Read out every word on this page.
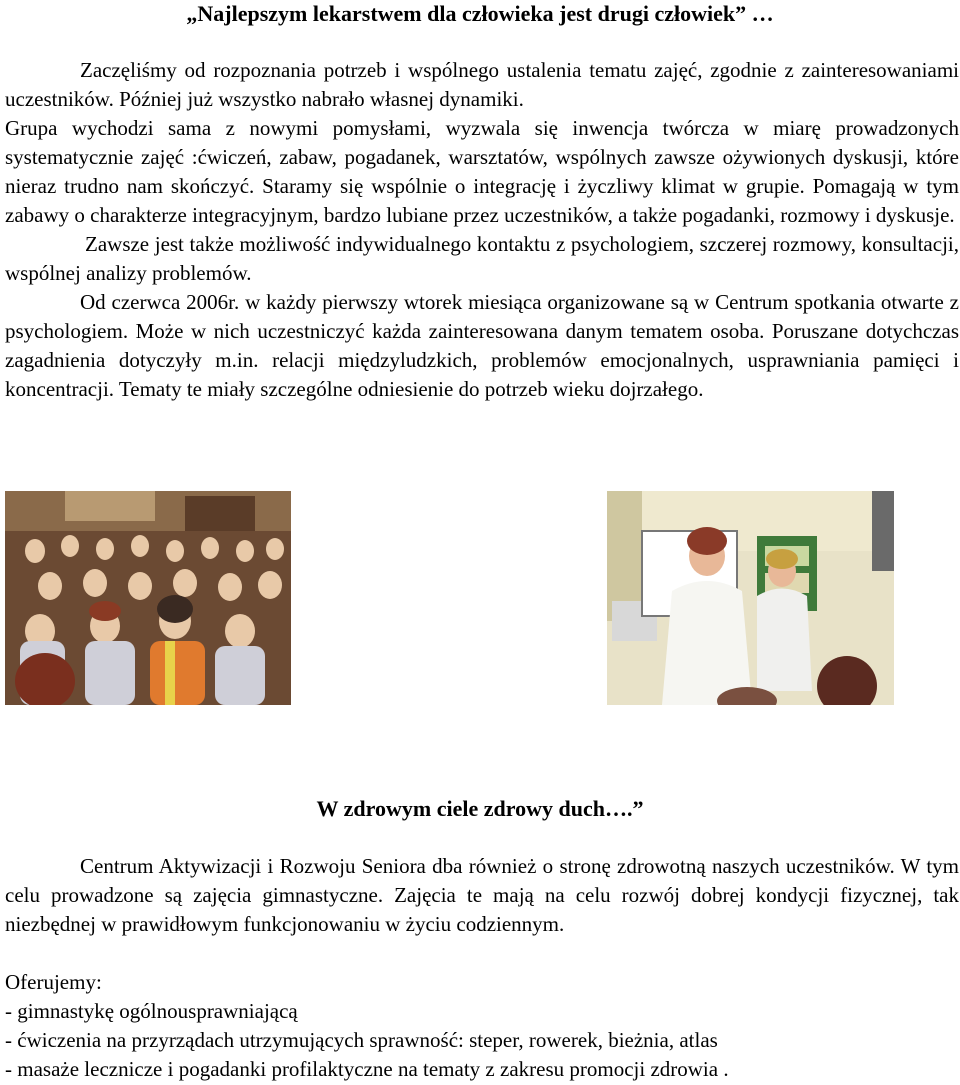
„Najlepszym lekarstwem dla człowieka jest drugi człowiek” …

Zaczęliśmy od rozpoznania potrzeb i wspólnego ustalenia tematu zajęć, zgodnie z zainteresowaniami uczestników. Później już wszystko nabrało własnej dynamiki.

Grupa wychodzi sama z nowymi pomysłami, wyzwala się inwencja twórcza w miarę prowadzonych systematycznie zajęć :ćwiczeń, zabaw, pogadanek, warsztatów, wspólnych zawsze ożywionych dyskusji, które nieraz trudno nam skończyć. Staramy się wspólnie o integrację i życzliwy klimat w grupie. Pomagają w tym zabawy o charakterze integracyjnym, bardzo lubiane przez uczestników, a także pogadanki, rozmowy i dyskusje.

Zawsze jest także możliwość indywidualnego kontaktu z psychologiem, szczerej rozmowy, konsultacji, wspólnej analizy problemów.

Od czerwca 2006r. w każdy pierwszy wtorek miesiąca organizowane są w Centrum spotkania otwarte z psychologiem. Może w nich uczestniczyć każda zainteresowana danym tematem osoba. Poruszane dotychczas zagadnienia dotyczyły m.in. relacji międzyludzkich, problemów emocjonalnych, usprawniania pamięci i koncentracji. Tematy te miały szczególne odniesienie do potrzeb wieku dojrzałego.

W zdrowym ciele zdrowy duch….”

Centrum Aktywizacji i Rozwoju Seniora dba również o stronę zdrowotną naszych uczestników. W tym celu prowadzone są zajęcia gimnastyczne. Zajęcia te mają na celu rozwój dobrej kondycji fizycznej, tak niezbędnej w prawidłowym funkcjonowaniu w życiu codziennym.

Oferujemy:
- gimnastykę ogólnousprawniającą
- ćwiczenia na przyrządach utrzymujących sprawność: steper, rowerek, bieżnia, atlas
- masaże lecznicze i pogadanki profilaktyczne na tematy z zakresu promocji zdrowia .
